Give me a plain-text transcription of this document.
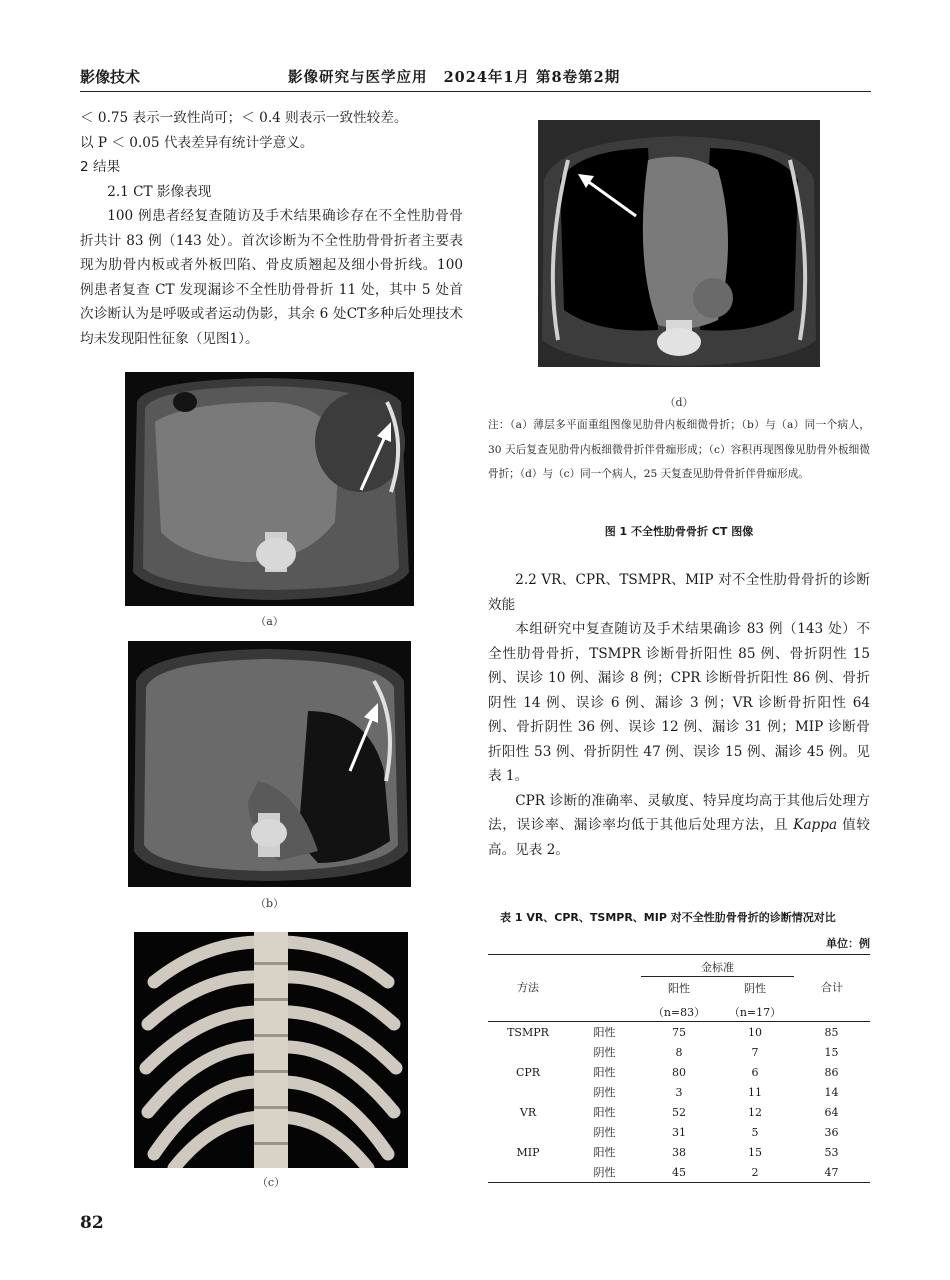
影像技术	影像研究与医学应用 2024年1月 第8卷第2期
＜ 0.75 表示一致性尚可；＜ 0.4 则表示一致性较差。
以 P ＜ 0.05 代表差异有统计学意义。
2 结果
2.1 CT 影像表现
100 例患者经复查随访及手术结果确诊存在不全性肋骨骨折共计 83 例（143 处）。首次诊断为不全性肋骨骨折者主要表现为肋骨内板或者外板凹陷、骨皮质翘起及细小骨折线。100 例患者复查 CT 发现漏诊不全性肋骨骨折 11 处，其中 5 处首次诊断认为是呼吸或者运动伪影，其余 6 处CT多种后处理技术均未发现阳性征象（见图1）。
（a）
（b）
（c）
（d）
注：（a）薄层多平面重组图像见肋骨内板细微骨折；（b）与（a）同一个病人，30 天后复查见肋骨内板细微骨折伴骨痂形成；（c）容积再现图像见肋骨外板细微骨折；（d）与（c）同一个病人，25 天复查见肋骨骨折伴骨痂形成。
图 1 不全性肋骨骨折 CT 图像
2.2 VR、CPR、TSMPR、MIP 对不全性肋骨骨折的诊断效能
本组研究中复查随访及手术结果确诊 83 例（143 处）不全性肋骨骨折，TSMPR 诊断骨折阳性 85 例、骨折阴性 15 例、误诊 10 例、漏诊 8 例；CPR 诊断骨折阳性 86 例、骨折阴性 14 例、误诊 6 例、漏诊 3 例；VR 诊断骨折阳性 64 例、骨折阴性 36 例、误诊 12 例、漏诊 31 例；MIP 诊断骨折阳性 53 例、骨折阴性 47 例、误诊 15 例、漏诊 45 例。见表 1。
CPR 诊断的准确率、灵敏度、特异度均高于其他后处理方法，误诊率、漏诊率均低于其他后处理方法，且 Kappa 值较高。见表 2。
表 1 VR、CPR、TSMPR、MIP 对不全性肋骨骨折的诊断情况对比
单位：例
方法
金标准
阳性	阴性
（n=83）	（n=17）
合计
TSMPR	阳性	75	10	85
	阴性	8	7	15
CPR	阳性	80	6	86
	阴性	3	11	14
VR	阳性	52	12	64
	阴性	31	5	36
MIP	阳性	38	15	53
	阴性	45	2	47
82
